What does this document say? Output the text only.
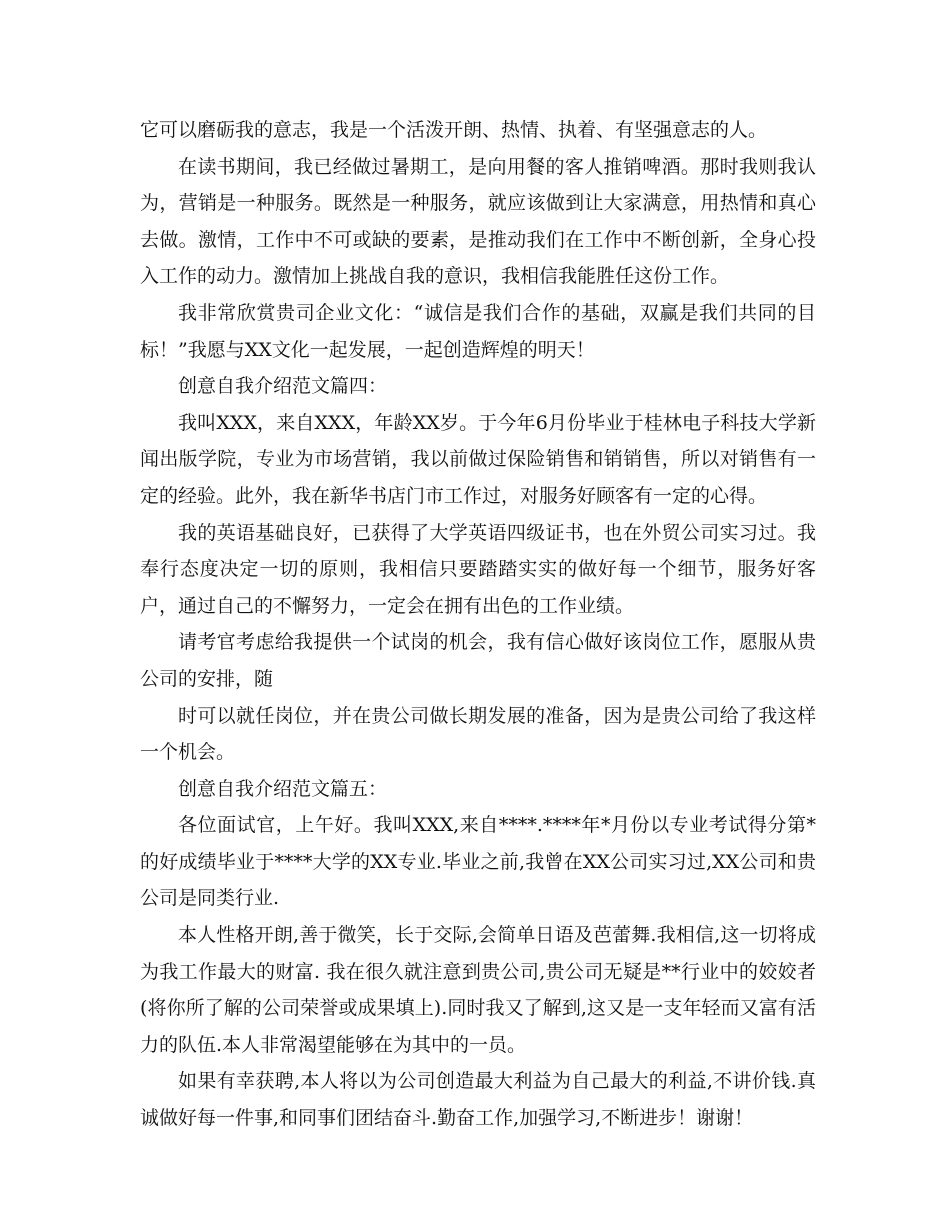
它可以磨砺我的意志，我是一个活泼开朗、热情、执着、有坚强意志的人。

在读书期间，我已经做过暑期工，是向用餐的客人推销啤酒。那时我则我认为，营销是一种服务。既然是一种服务，就应该做到让大家满意，用热情和真心去做。激情，工作中不可或缺的要素，是推动我们在工作中不断创新，全身心投入工作的动力。激情加上挑战自我的意识，我相信我能胜任这份工作。

我非常欣赏贵司企业文化：“诚信是我们合作的基础，双赢是我们共同的目标！”我愿与XX文化一起发展，一起创造辉煌的明天！

创意自我介绍范文篇四：

我叫XXX，来自XXX，年龄XX岁。于今年6月份毕业于桂林电子科技大学新闻出版学院，专业为市场营销，我以前做过保险销售和销销售，所以对销售有一定的经验。此外，我在新华书店门市工作过，对服务好顾客有一定的心得。

我的英语基础良好，已获得了大学英语四级证书，也在外贸公司实习过。我奉行态度决定一切的原则，我相信只要踏踏实实的做好每一个细节，服务好客户，通过自己的不懈努力，一定会在拥有出色的工作业绩。

请考官考虑给我提供一个试岗的机会，我有信心做好该岗位工作，愿服从贵公司的安排，随

时可以就任岗位，并在贵公司做长期发展的准备，因为是贵公司给了我这样一个机会。

创意自我介绍范文篇五：

各位面试官，上午好。我叫XXX,来自****.****年*月份以专业考试得分第*的好成绩毕业于****大学的XX专业.毕业之前,我曾在XX公司实习过,XX公司和贵公司是同类行业.

本人性格开朗,善于微笑，长于交际,会简单日语及芭蕾舞.我相信,这一切将成为我工作最大的财富. 我在很久就注意到贵公司,贵公司无疑是**行业中的姣姣者(将你所了解的公司荣誉或成果填上).同时我又了解到,这又是一支年轻而又富有活力的队伍.本人非常渴望能够在为其中的一员。

如果有幸获聘,本人将以为公司创造最大利益为自己最大的利益,不讲价钱.真诚做好每一件事,和同事们团结奋斗.勤奋工作,加强学习,不断进步！谢谢！
